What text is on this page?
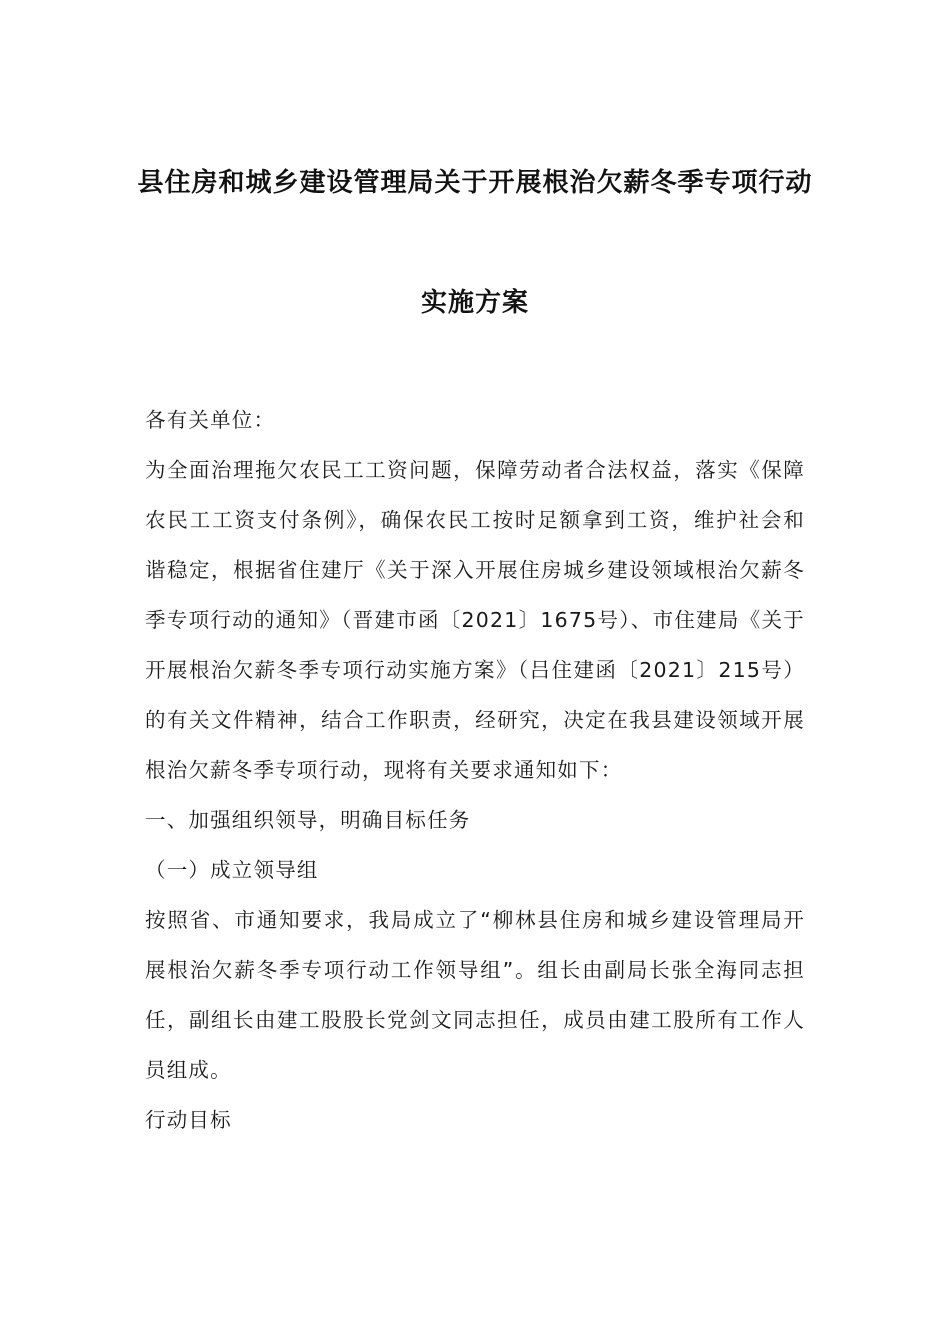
县住房和城乡建设管理局关于开展根治欠薪冬季专项行动
实施方案

各有关单位：

为全面治理拖欠农民工工资问题，保障劳动者合法权益，落实《保障农民工工资支付条例》，确保农民工按时足额拿到工资，维护社会和谐稳定，根据省住建厅《关于深入开展住房城乡建设领域根治欠薪冬季专项行动的通知》（晋建市函〔2021〕1675号）、市住建局《关于开展根治欠薪冬季专项行动实施方案》（吕住建函〔2021〕215号）的有关文件精神，结合工作职责，经研究，决定在我县建设领域开展根治欠薪冬季专项行动，现将有关要求通知如下：

一、加强组织领导，明确目标任务

（一）成立领导组

按照省、市通知要求，我局成立了“柳林县住房和城乡建设管理局开展根治欠薪冬季专项行动工作领导组”。组长由副局长张全海同志担任，副组长由建工股股长党剑文同志担任，成员由建工股所有工作人员组成。

行动目标
